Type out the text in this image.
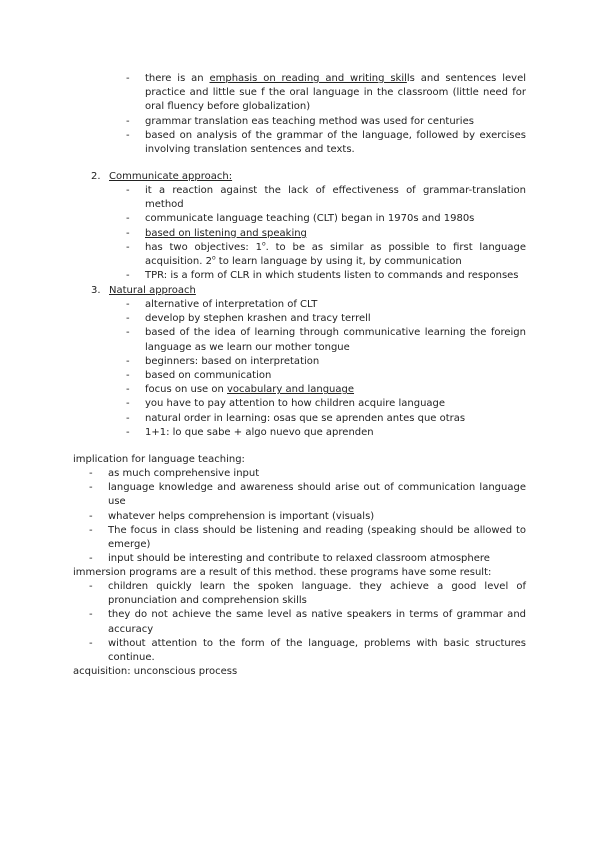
- there is an emphasis on reading and writing skills and sentences level practice and little sue f the oral language in the classroom (little need for oral fluency before globalization)
- grammar translation eas teaching method was used for centuries
- based on analysis of the grammar of the language, followed by exercises involving translation sentences and texts.
2. Communicate approach:
- it a reaction against the lack of effectiveness of grammar-translation method
- communicate language teaching (CLT) began in 1970s and 1980s
- based on listening and speaking
- has two objectives: 1$^o$. to be as similar as possible to first language acquisition. 2$^o$ to learn language by using it, by communication
- TPR: is a form of CLR in which students listen to commands and responses
3. Natural approach
- alternative of interpretation of CLT
- develop by stephen krashen and tracy terrell
- based of the idea of learning through communicative learning the foreign language as we learn our mother tongue
- beginners: based on interpretation
- based on communication
- focus on use on vocabulary and language
- you have to pay attention to how children acquire language
- natural order in learning: osas que se aprenden antes que otras
- 1+1: lo que sabe + algo nuevo que aprenden
implication for language teaching:
- as much comprehensive input
- language knowledge and awareness should arise out of communication language use
- whatever helps comprehension is important (visuals)
- The focus in class should be listening and reading (speaking should be allowed to emerge)
- input should be interesting and contribute to relaxed classroom atmosphere
immersion programs are a result of this method. these programs have some result:
- children quickly learn the spoken language. they achieve a good level of pronunciation and comprehension skills
- they do not achieve the same level as native speakers in terms of grammar and accuracy
- without attention to the form of the language, problems with basic structures continue.
acquisition: unconscious process
